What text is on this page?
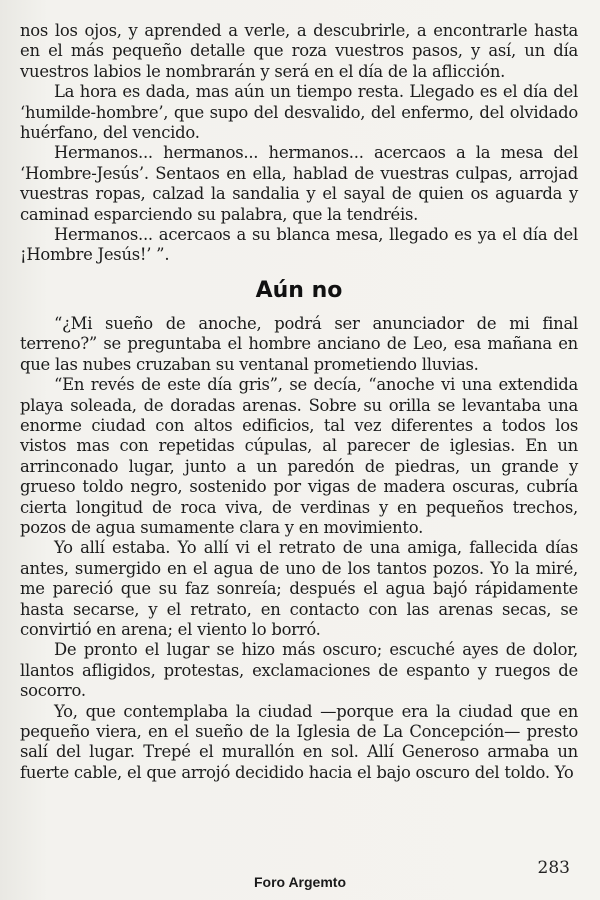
nos los ojos, y aprended a verle, a descubrirle, a encontrarle hasta en el más pequeño detalle que roza vuestros pasos, y así, un día vuestros labios le nombrarán y será en el día de la aflicción.

La hora es dada, mas aún un tiempo resta. Llegado es el día del ‘humilde-hombre’, que supo del desvalido, del enfermo, del olvidado huérfano, del vencido.

Hermanos... hermanos... hermanos... acercaos a la mesa del ‘Hombre-Jesús’. Sentaos en ella, hablad de vuestras culpas, arrojad vuestras ropas, calzad la sandalia y el sayal de quien os aguarda y caminad esparciendo su palabra, que la tendréis.

Hermanos... acercaos a su blanca mesa, llegado es ya el día del ¡Hombre Jesús!’ ”.

Aún no

“¿Mi sueño de anoche, podrá ser anunciador de mi final terreno?” se preguntaba el hombre anciano de Leo, esa mañana en que las nubes cruzaban su ventanal prometiendo lluvias.

“En revés de este día gris”, se decía, “anoche vi una extendida playa soleada, de doradas arenas. Sobre su orilla se levantaba una enorme ciudad con altos edificios, tal vez diferentes a todos los vistos mas con repetidas cúpulas, al parecer de iglesias. En un arrinconado lugar, junto a un paredón de piedras, un grande y grueso toldo negro, sostenido por vigas de madera oscuras, cubría cierta longitud de roca viva, de verdinas y en pequeños trechos, pozos de agua sumamente clara y en movimiento.

Yo allí estaba. Yo allí vi el retrato de una amiga, fallecida días antes, sumergido en el agua de uno de los tantos pozos. Yo la miré, me pareció que su faz sonreía; después el agua bajó rápidamente hasta secarse, y el retrato, en contacto con las arenas secas, se convirtió en arena; el viento lo borró.

De pronto el lugar se hizo más oscuro; escuché ayes de dolor, llantos afligidos, protestas, exclamaciones de espanto y ruegos de socorro.

Yo, que contemplaba la ciudad —porque era la ciudad que en pequeño viera, en el sueño de la Iglesia de La Concepción— presto salí del lugar. Trepé el murallón en sol. Allí Generoso armaba un fuerte cable, el que arrojó decidido hacia el bajo oscuro del toldo. Yo

283
Foro Argemto
